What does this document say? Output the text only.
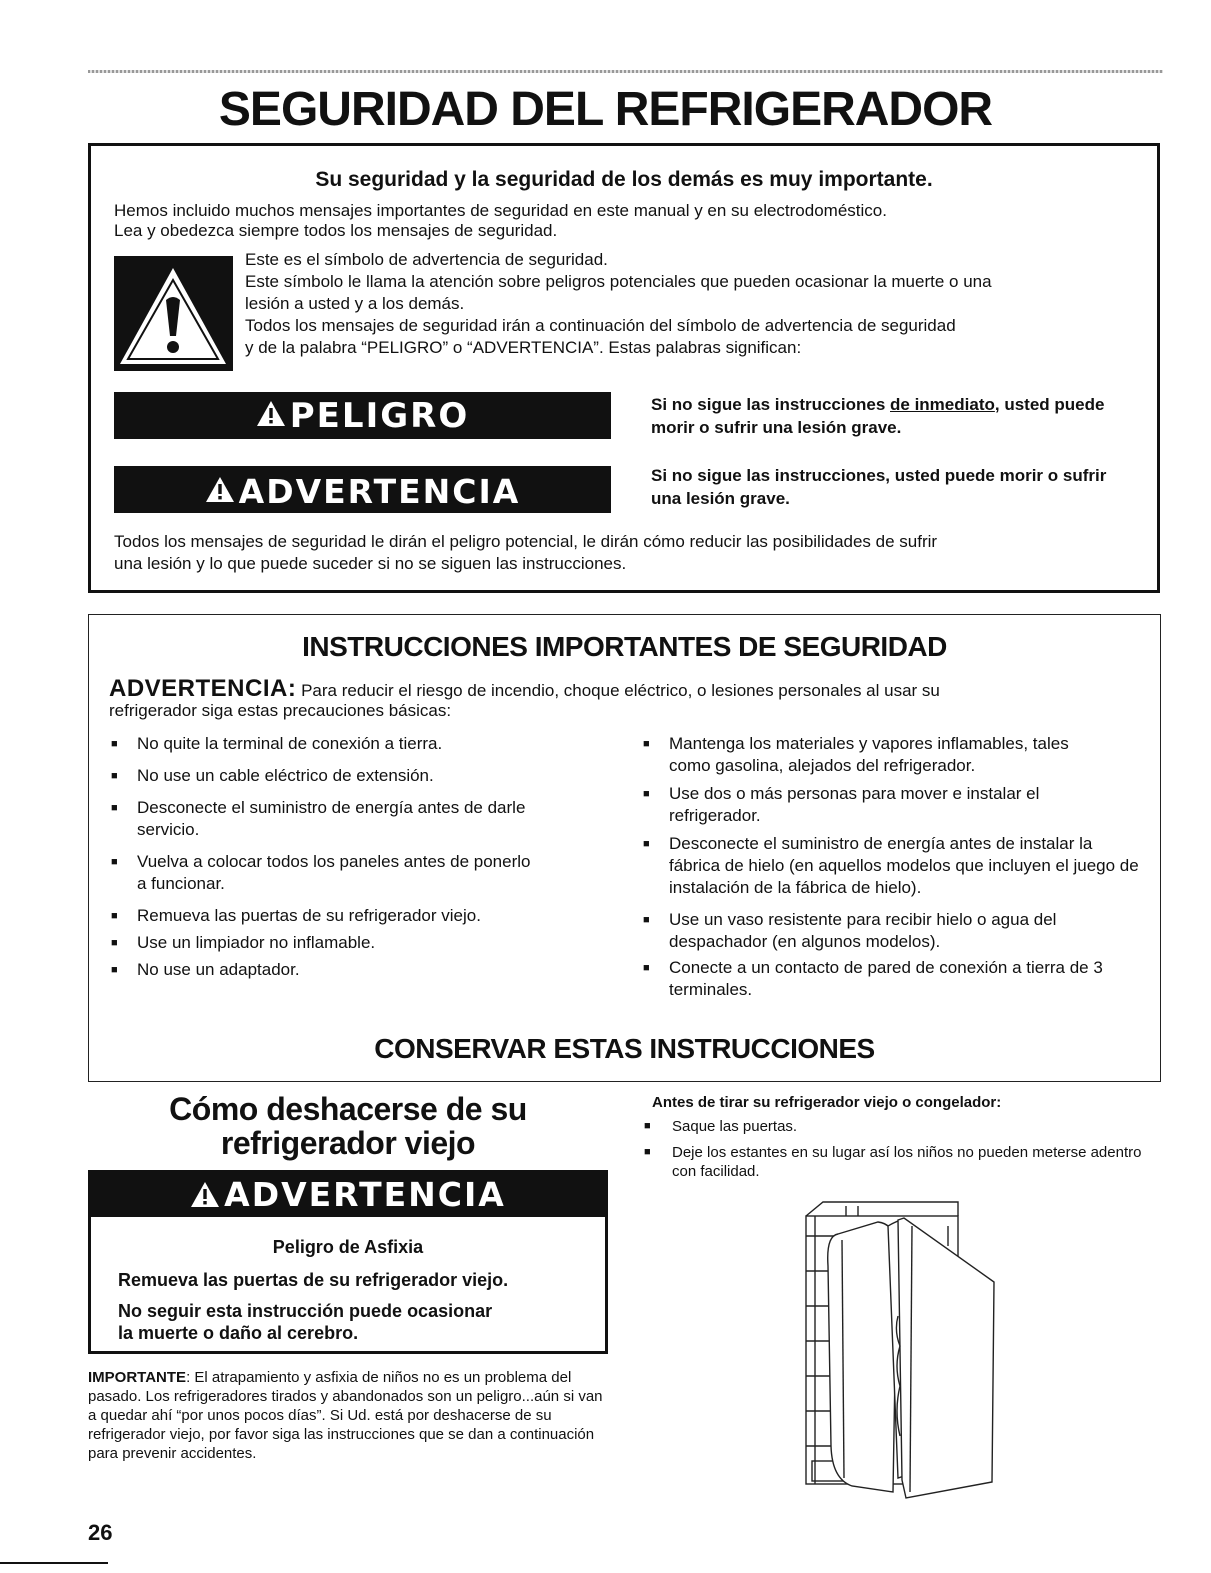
SEGURIDAD DEL REFRIGERADOR
Su seguridad y la seguridad de los demás es muy importante.
Hemos incluido muchos mensajes importantes de seguridad en este manual y en su electrodoméstico.
Lea y obedezca siempre todos los mensajes de seguridad.
Este es el símbolo de advertencia de seguridad.
Este símbolo le llama la atención sobre peligros potenciales que pueden ocasionar la muerte o una
lesión a usted y a los demás.
Todos los mensajes de seguridad irán a continuación del símbolo de advertencia de seguridad
y de la palabra “PELIGRO” o “ADVERTENCIA”. Estas palabras significan:
PELIGRO	Si no sigue las instrucciones de inmediato, usted puede morir o sufrir una lesión grave.
ADVERTENCIA	Si no sigue las instrucciones, usted puede morir o sufrir una lesión grave.
Todos los mensajes de seguridad le dirán el peligro potencial, le dirán cómo reducir las posibilidades de sufrir
una lesión y lo que puede suceder si no se siguen las instrucciones.
INSTRUCCIONES IMPORTANTES DE SEGURIDAD
ADVERTENCIA: Para reducir el riesgo de incendio, choque eléctrico, o lesiones personales al usar su
refrigerador siga estas precauciones básicas:
■ No quite la terminal de conexión a tierra.
■ No use un cable eléctrico de extensión.
■ Desconecte el suministro de energía antes de darle servicio.
■ Vuelva a colocar todos los paneles antes de ponerlo a funcionar.
■ Remueva las puertas de su refrigerador viejo.
■ Use un limpiador no inflamable.
■ No use un adaptador.
■ Mantenga los materiales y vapores inflamables, tales como gasolina, alejados del refrigerador.
■ Use dos o más personas para mover e instalar el refrigerador.
■ Desconecte el suministro de energía antes de instalar la fábrica de hielo (en aquellos modelos que incluyen el juego de instalación de la fábrica de hielo).
■ Use un vaso resistente para recibir hielo o agua del despachador (en algunos modelos).
■ Conecte a un contacto de pared de conexión a tierra de 3 terminales.
CONSERVAR ESTAS INSTRUCCIONES
Cómo deshacerse de su
refrigerador viejo
ADVERTENCIA
Peligro de Asfixia
Remueva las puertas de su refrigerador viejo.
No seguir esta instrucción puede ocasionar
la muerte o daño al cerebro.

IMPORTANTE: El atrapamiento y asfixia de niños no es un problema del pasado. Los refrigeradores tirados y abandonados son un peligro...aún si van a quedar ahí “por unos pocos días”. Si Ud. está por deshacerse de su refrigerador viejo, por favor siga las instrucciones que se dan a continuación para prevenir accidentes.

Antes de tirar su refrigerador viejo o congelador:
■ Saque las puertas.
■ Deje los estantes en su lugar así los niños no pueden meterse adentro con facilidad.
26
